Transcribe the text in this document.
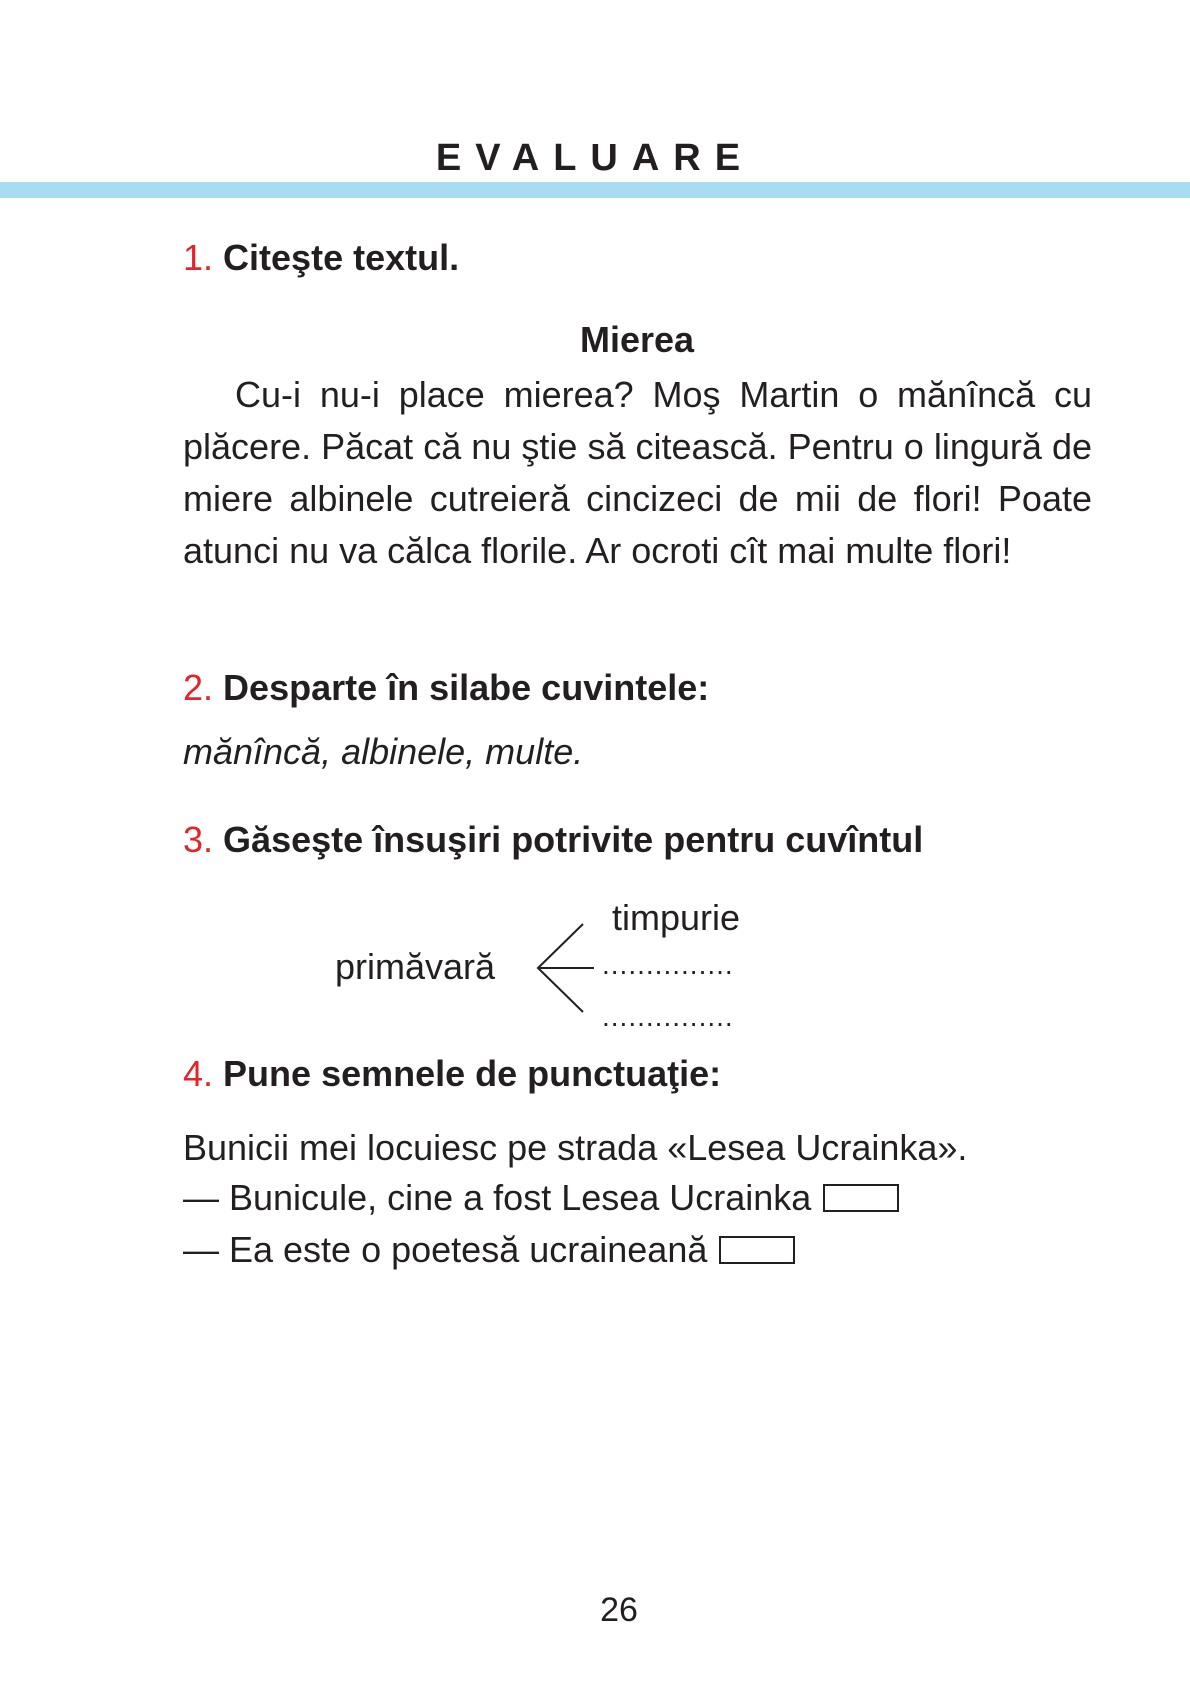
EVALUARE
1. Citeşte textul.
Mierea

Cu-i nu-i place mierea? Moş Martin o mănîncă cu plăcere. Păcat că nu ştie să citească. Pentru o lingură de miere albinele cutreieră cincizeci de mii de flori! Poate atunci nu va călca florile. Ar ocroti cît mai multe flori!

2. Desparte în silabe cuvintele:
mănîncă, albinele, multe.
3. Găseşte însuşiri potrivite pentru cuvîntul
primăvară
timpurie
...............
...............
4. Pune semnele de punctuaţie:
Bunicii mei locuiesc pe strada «Lesea Ucrainka».
— Bunicule, cine a fost Lesea Ucrainka
— Ea este o poetesă ucraineană
26
